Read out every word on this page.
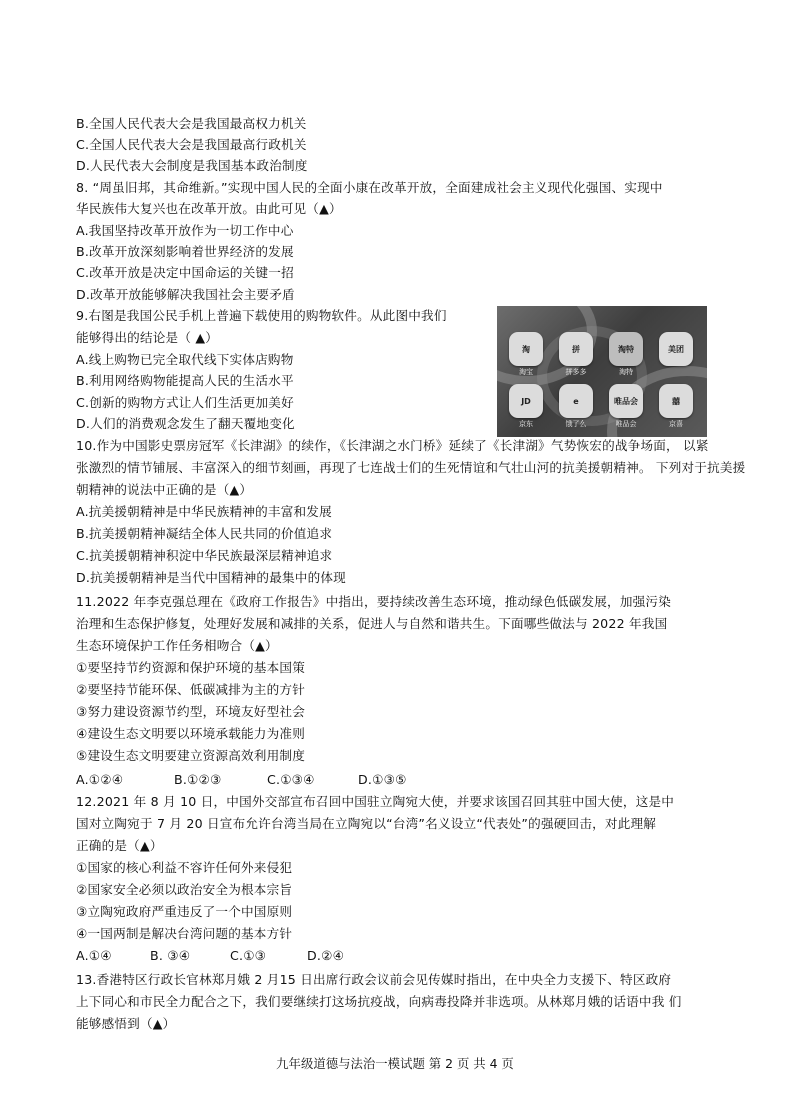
B.全国人民代表大会是我国最高权力机关
C.全国人民代表大会是我国最高行政机关
D.人民代表大会制度是我国基本政治制度
8. “周虽旧邦，其命维新。”实现中国人民的全面小康在改革开放，全面建成社会主义现代化强国、实现中
华民族伟大复兴也在改革开放。由此可见（▲）
A.我国坚持改革开放作为一切工作中心
B.改革开放深刻影响着世界经济的发展
C.改革开放是决定中国命运的关键一招
D.改革开放能够解决我国社会主要矛盾
9.右图是我国公民手机上普遍下载使用的购物软件。从此图中我们
能够得出的结论是（ ▲）
A.线上购物已完全取代线下实体店购物
B.利用网络购物能提高人民的生活水平
C.创新的购物方式让人们生活更加美好
D.人们的消费观念发生了翻天覆地变化
淘
淘宝
拼
拼多多
淘特
淘特
美团
JD
京东
e
饿了么
唯品会
唯品会
囍
京喜
10.作为中国影史票房冠军《长津湖》的续作，《长津湖之水门桥》延续了《长津湖》气势恢宏的战争场面， 以紧
张激烈的情节铺展、丰富深入的细节刻画，再现了七连战士们的生死情谊和气壮山河的抗美援朝精神。 下列对于抗美援
朝精神的说法中正确的是（▲）
A.抗美援朝精神是中华民族精神的丰富和发展
B.抗美援朝精神凝结全体人民共同的价值追求
C.抗美援朝精神积淀中华民族最深层精神追求
D.抗美援朝精神是当代中国精神的最集中的体现
11.2022 年李克强总理在《政府工作报告》中指出，要持续改善生态环境，推动绿色低碳发展，加强污染
治理和生态保护修复，处理好发展和减排的关系，促进人与自然和谐共生。下面哪些做法与 2022 年我国
生态环境保护工作任务相吻合（▲）
①要坚持节约资源和保护环境的基本国策
②要坚持节能环保、低碳减排为主的方针
③努力建设资源节约型，环境友好型社会
④建设生态文明要以环境承载能力为准则
⑤建设生态文明要建立资源高效利用制度
A.①②④	B.①②③	C.①③④	D.①③⑤
12.2021 年 8 月 10 日，中国外交部宣布召回中国驻立陶宛大使，并要求该国召回其驻中国大使，这是中
国对立陶宛于 7 月 20 日宣布允许台湾当局在立陶宛以“台湾”名义设立“代表处”的强硬回击，对此理解
正确的是（▲）
①国家的核心利益不容许任何外来侵犯
②国家安全必须以政治安全为根本宗旨
③立陶宛政府严重违反了一个中国原则
④一国两制是解决台湾问题的基本方针
A.①④	B. ③④	C.①③	D.②④
13.香港特区行政长官林郑月娥 2 月15 日出席行政会议前会见传媒时指出，在中央全力支援下、特区政府
上下同心和市民全力配合之下，我们要继续打这场抗疫战，向病毒投降并非选项。从林郑月娥的话语中我 们
能够感悟到（▲）
九年级道德与法治一模试题 第 2 页 共 4 页
